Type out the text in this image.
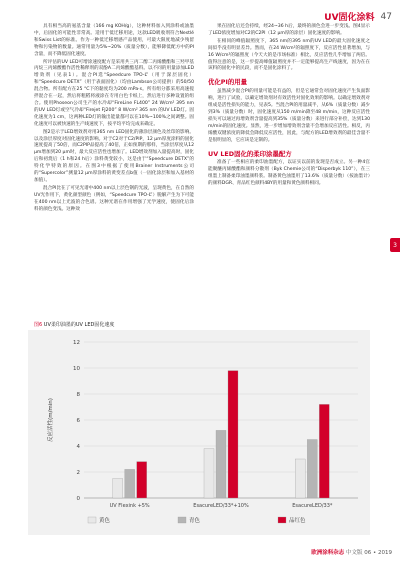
UV固化涂料 47

具有相当高的氨基含量（166 mg KOH/g），这种材料加入到涂料或油墨中，后固化的可能性非常高。适用于低迁移用途，这款LED吸收剂符合Nestlé和Swiss List的标准。作为一种低迁移增感产品使用，可最大限度地减少残留物和污染物的数量。通常用量为5%~20%（质量分数），能够降低配方中的PI含量，而不降低固化速度。

所评估的UV LED可增涂速度配方是采用共三丙二醇二丙烯酸酯和三羟甲基丙烷三丙烯酸酯作活性稀释剂的双酚A二丙烯酸酯基料。以不同的用量添加LED增效剂（见表1）。混合PI选“Speedcure TPO-L”（用于深层固化）和“Speedcure DETX”（用于表面固化）（均由Lambson公司提供）的50/50混合物。所有配方在25 °C下的黏度均为200 mPa·s。所有组分都采用高速搅拌混合在一起，然后将粗稻将液涂在专用白色卡纸上，然后进行多种设置的组合。使用Phoseon公司生产的水冷却“FireLine FL400” 24 W/cm² 395 nm 的UV LED灯或空气冷却“Firejet FJ200” 8 W/cm² 365 nm 的UV LED灯。固化速度为1 cm，这两种LED灯的输出能量都可以在10%~100%之间调整。固化速度可以被快速的生产线速度下，按平均平均完成来确定。

图2是示于LED增效剂对用365 nm LED固化的薄涂层颜色及丝印的影响。以及涂层厚度对固化速度的影响。对于C2对于C2/PIP，12 μm厚度涂料的固化速度提高了50倍，而C2PIP品提高了40倍，正如预期的那样，当涂层厚度从12 μm增加到20 μm时，最大反应活性也增加了。LED增效剂加入量提高时，固化后和初烧后（1 h和24 h后）涂料黄变较小，这是由于“Speedcure DETX”的特化学特效的原因。在图3中根据了使用Brainer Instruments公司的“Supercolor”测量12 μm厚涂料的黄变差点b值（一固化涂层和加入基材的加值）。

混合PI比在了可见光谱中400 nm以上层色钢的光波，呈现黄色，在自然的UV光作用下，黄化颜型颜色（例如，“Speedcure TPO-L”）脱解产生为下可能在400 nm以上光波的合色谱。这种光谱在作用增强了光学速度，使固化后涂料的颜色变浅。这种效

果在固化后还会持续，经24~36 h后，最终的颜色会进一步变浅。图4显示了LED浓度增加对C2的C2PI（12 μm厚的涂层）固化速度的影响。

在相同的峰值辐照度下，365 nm的395 nm的UV LED的最大固化速度之间似乎没有明显差异。然而，在24 W/cm²的辐照度下，反应活性显著增加，与16 W/cm²的辐照度（今天大的是市场标准）相比，反应活性几乎增加了两倍。值得注意的是，这一步提高峰值辐照度并不一定能够提高生产线速度，因为在在该料的固化中的民段，而不是固化涂料了。

优化PI的用量

虽然减少混合PI的用量可能是有益的，但是它通常会对固化速度产生负面影响，进行了试验，以确定增效剂对有效活性对固化效果的影响。以确定增效剂对组成是活性损失的能力，见表5。当混合PI的用量减半，从6%（质量分数）减少到3%（质量分数）时，固化速度从150 m/min降至48 m/min，这种反应活性损失可以通过再增效剂含量提高到35%（质量分数）来进行部分补偿，达到130 m/min的固化速度。显然，进一步增加增效剂含量不会增加反应活性。相反，丙烯酸双键浓度的降低会降低反应活性，因此，与配方的LED增效剂的最佳含量不是很明显的，它应该是定制的。

UV LED固化的柔印涂墨配方

准备了一些相应的柔印油墨配方，以证实以前的发现是否成立。另一种4官能聚醚丙烯酸酯和颜料分散剂（Byk Chemie公司的“Disperbyk 110”），在三组墨上制备柔印油墨颜料浆。制备黄色油墨用了13.6%（质量分数）（按油墨计）的颜料DGR、青品红色颜料4BY的用量和黄色颜料相同。

3
图6 UV柔印油墨的UV LED固化速度
反应活性(m/min)
0
2
4
6
8
10
12
UV Flexink +5%	EsacureLED/33*+10%	EsacureLED/33*
黄色	青色	品红色
欧洲涂料杂志 中文版 06 • 2019
